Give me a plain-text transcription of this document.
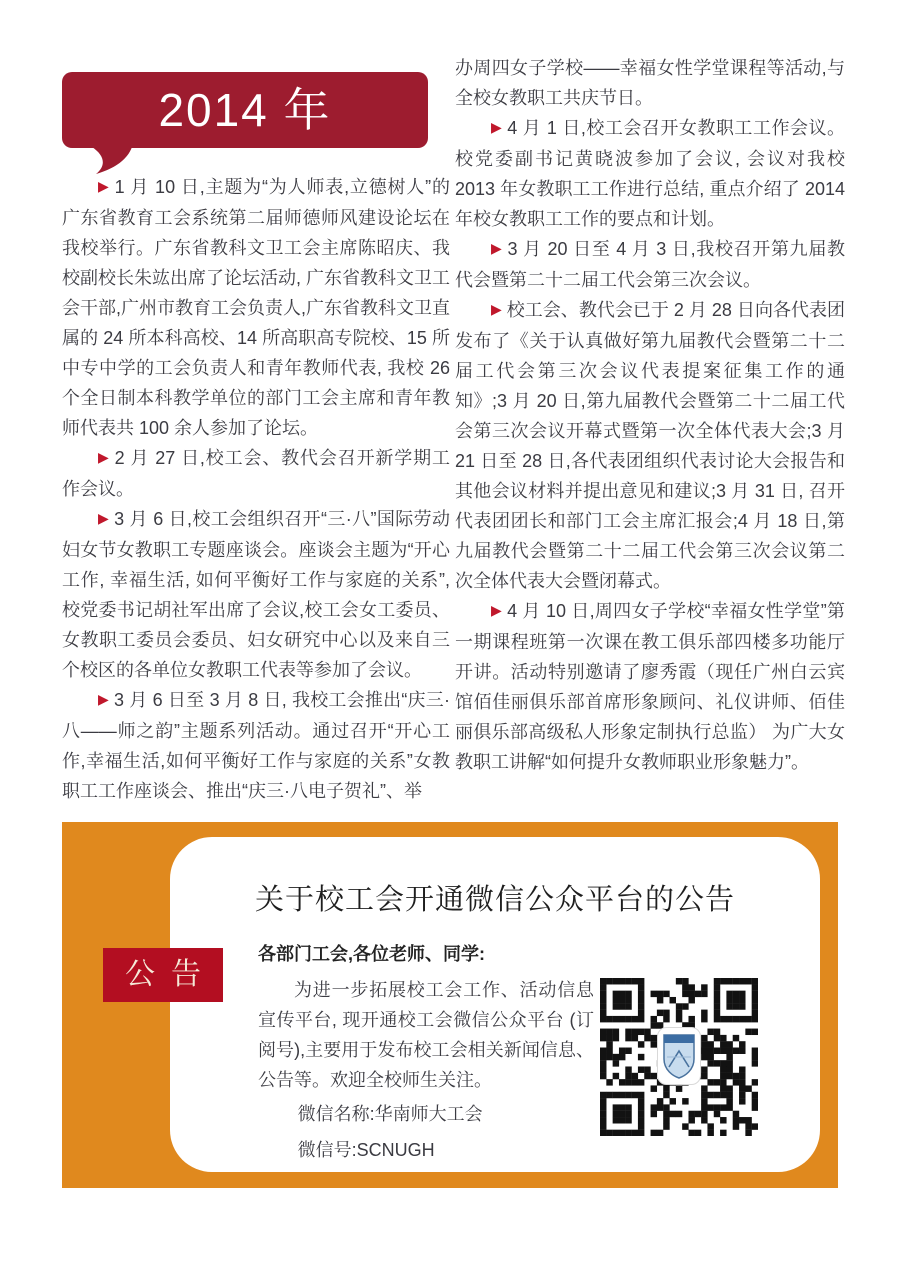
2014 年

▶ 1 月 10 日,主题为“为人师表,立德树人”的广东省教育工会系统第二届师德师风建设论坛在我校举行。广东省教科文卫工会主席陈昭庆、我校副校长朱竑出席了论坛活动, 广东省教科文卫工会干部,广州市教育工会负责人,广东省教科文卫直属的 24 所本科高校、14 所高职高专院校、15 所中专中学的工会负责人和青年教师代表, 我校 26 个全日制本科教学单位的部门工会主席和青年教师代表共 100 余人参加了论坛。

▶ 2 月 27 日,校工会、教代会召开新学期工作会议。

▶ 3 月 6 日,校工会组织召开“三·八”国际劳动妇女节女教职工专题座谈会。座谈会主题为“开心工作, 幸福生活, 如何平衡好工作与家庭的关系”,校党委书记胡社军出席了会议,校工会女工委员、女教职工委员会委员、妇女研究中心以及来自三个校区的各单位女教职工代表等参加了会议。

▶ 3 月 6 日至 3 月 8 日, 我校工会推出“庆三·八——师之韵”主题系列活动。通过召开“开心工作,幸福生活,如何平衡好工作与家庭的关系”女教职工工作座谈会、推出“庆三·八电子贺礼”、举

办周四女子学校——幸福女性学堂课程等活动,与全校女教职工共庆节日。

▶ 4 月 1 日,校工会召开女教职工工作会议。校党委副书记黄晓波参加了会议, 会议对我校 2013 年女教职工工作进行总结, 重点介绍了 2014 年校女教职工工作的要点和计划。

▶ 3 月 20 日至 4 月 3 日,我校召开第九届教代会暨第二十二届工代会第三次会议。

▶ 校工会、教代会已于 2 月 28 日向各代表团发布了《关于认真做好第九届教代会暨第二十二届工代会第三次会议代表提案征集工作的通知》;3 月 20 日,第九届教代会暨第二十二届工代会第三次会议开幕式暨第一次全体代表大会;3 月 21 日至 28 日,各代表团组织代表讨论大会报告和其他会议材料并提出意见和建议;3 月 31 日, 召开代表团团长和部门工会主席汇报会;4 月 18 日,第九届教代会暨第二十二届工代会第三次会议第二次全体代表大会暨闭幕式。

▶ 4 月 10 日,周四女子学校“幸福女性学堂”第一期课程班第一次课在教工俱乐部四楼多功能厅开讲。活动特别邀请了廖秀霞（现任广州白云宾馆佰佳丽俱乐部首席形象顾问、礼仪讲师、佰佳丽俱乐部高级私人形象定制执行总监） 为广大女教职工讲解“如何提升女教师职业形象魅力”。

公告
关于校工会开通微信公众平台的公告

各部门工会,各位老师、同学:

为进一步拓展校工会工作、活动信息宣传平台, 现开通校工会微信公众平台 (订阅号),主要用于发布校工会相关新闻信息、公告等。欢迎全校师生关注。

微信名称:华南师大工会

微信号:SCNUGH
